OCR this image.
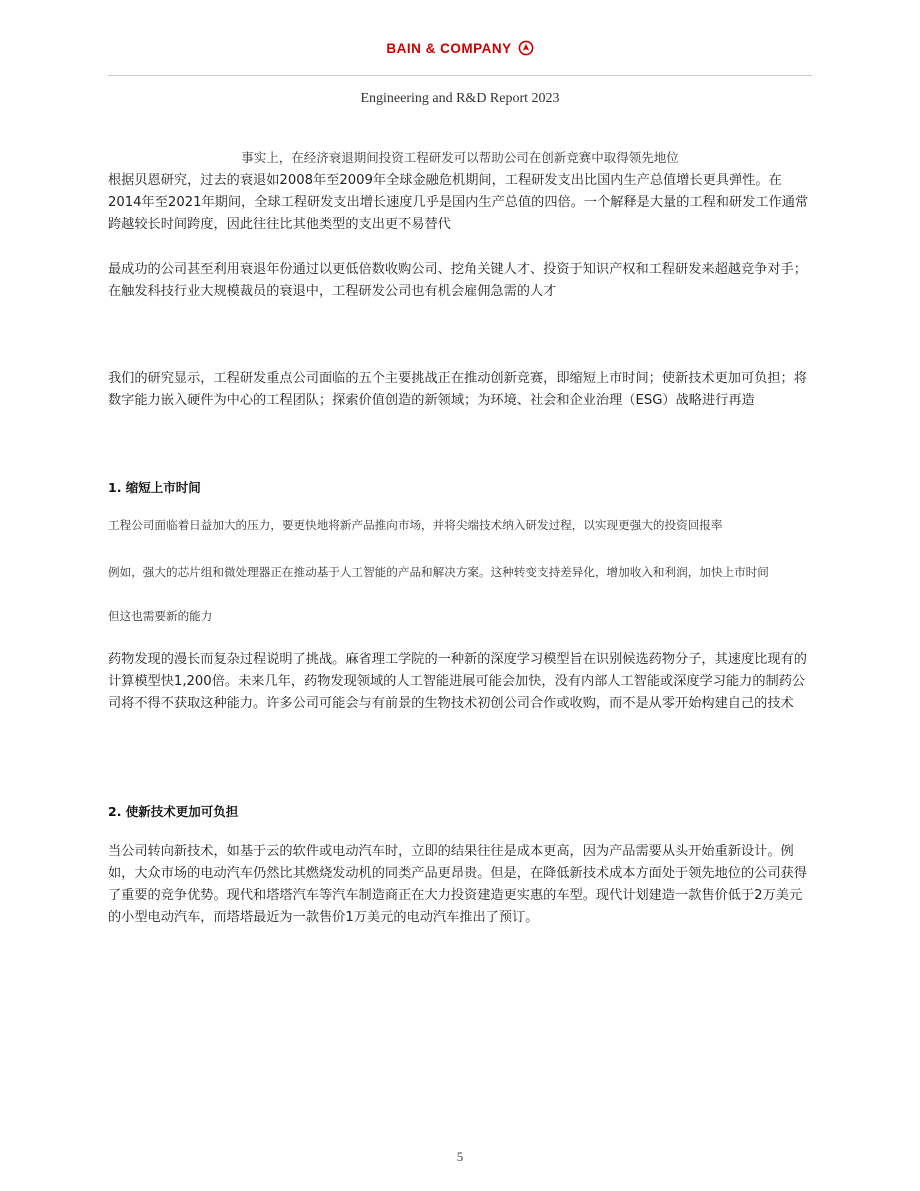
BAIN & COMPANY
Engineering and R&D Report 2023
事实上，在经济衰退期间投资工程研发可以帮助公司在创新竞赛中取得领先地位

根据贝恩研究，过去的衰退如2008年至2009年全球金融危机期间，工程研发支出比国内生产总值增长更具弹性。在2014年至2021年期间，全球工程研发支出增长速度几乎是国内生产总值的四倍。一个解释是大量的工程和研发工作通常跨越较长时间跨度，因此往往比其他类型的支出更不易替代

最成功的公司甚至利用衰退年份通过以更低倍数收购公司、挖角关键人才、投资于知识产权和工程研发来超越竞争对手；在触发科技行业大规模裁员的衰退中，工程研发公司也有机会雇佣急需的人才

我们的研究显示，工程研发重点公司面临的五个主要挑战正在推动创新竞赛，即缩短上市时间；使新技术更加可负担；将数字能力嵌入硬件为中心的工程团队；探索价值创造的新领域；为环境、社会和企业治理（ESG）战略进行再造

1. 缩短上市时间

工程公司面临着日益加大的压力，要更快地将新产品推向市场，并将尖端技术纳入研发过程，以实现更强大的投资回报率

例如，强大的芯片组和微处理器正在推动基于人工智能的产品和解决方案。这种转变支持差异化，增加收入和利润，加快上市时间

但这也需要新的能力

药物发现的漫长而复杂过程说明了挑战。麻省理工学院的一种新的深度学习模型旨在识别候选药物分子，其速度比现有的计算模型快1,200倍。未来几年，药物发现领域的人工智能进展可能会加快，没有内部人工智能或深度学习能力的制药公司将不得不获取这种能力。许多公司可能会与有前景的生物技术初创公司合作或收购，而不是从零开始构建自己的技术

2. 使新技术更加可负担

当公司转向新技术，如基于云的软件或电动汽车时，立即的结果往往是成本更高，因为产品需要从头开始重新设计。例如，大众市场的电动汽车仍然比其燃烧发动机的同类产品更昂贵。但是，在降低新技术成本方面处于领先地位的公司获得了重要的竞争优势。现代和塔塔汽车等汽车制造商正在大力投资建造更实惠的车型。现代计划建造一款售价低于2万美元的小型电动汽车，而塔塔最近为一款售价1万美元的电动汽车推出了预订。

5
